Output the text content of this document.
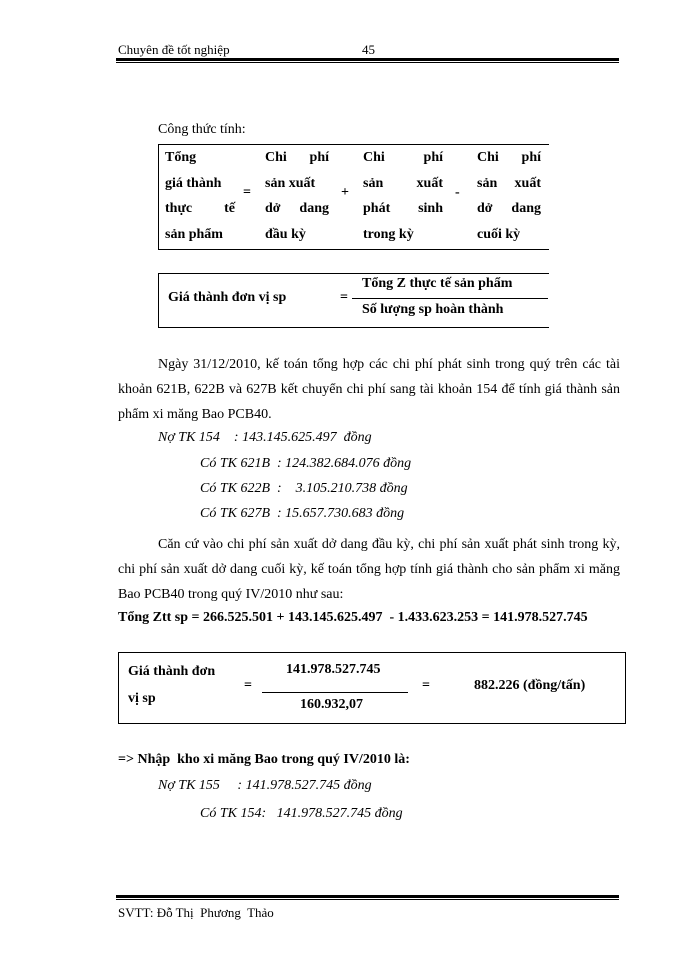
Chuyên đề tốt nghiệp	45
Công thức tính:
Tổng
giá thành
thực tế
sản phẩm
=
Chi phí
sản xuất
dở dang
đầu kỳ
+
Chi phí
sản xuất
phát sinh
trong kỳ
-
Chi phí
sản xuất
dở dang
cuối kỳ
Giá thành đơn vị sp	=
Tổng Z thực tế sản phẩm
Số lượng sp hoàn thành
Ngày 31/12/2010, kế toán tổng hợp các chi phí phát sinh trong quý trên các tài khoản 621B, 622B và 627B kết chuyển chi phí sang tài khoản 154 để tính giá thành sản phẩm xi măng Bao PCB40.
Nợ TK 154    : 143.145.625.497  đồng
Có TK 621B  : 124.382.684.076 đồng
Có TK 622B  :    3.105.210.738 đồng
Có TK 627B  : 15.657.730.683 đồng
Căn cứ vào chi phí sản xuất dở dang đầu kỳ, chi phí sản xuất phát sinh trong kỳ, chi phí sản xuất dở dang cuối kỳ, kế toán tổng hợp tính giá thành cho sản phẩm xi măng Bao PCB40 trong quý IV/2010 như sau:
Tổng Ztt sp = 266.525.501 + 143.145.625.497  - 1.433.623.253 = 141.978.527.745
Giá thành đơn
vị sp
=
141.978.527.745
160.932,07
=	882.226 (đồng/tấn)
=> Nhập  kho xi măng Bao trong quý IV/2010 là:
Nợ TK 155     : 141.978.527.745 đồng
Có TK 154:   141.978.527.745 đồng
SVTT: Đỗ Thị  Phương  Thảo
